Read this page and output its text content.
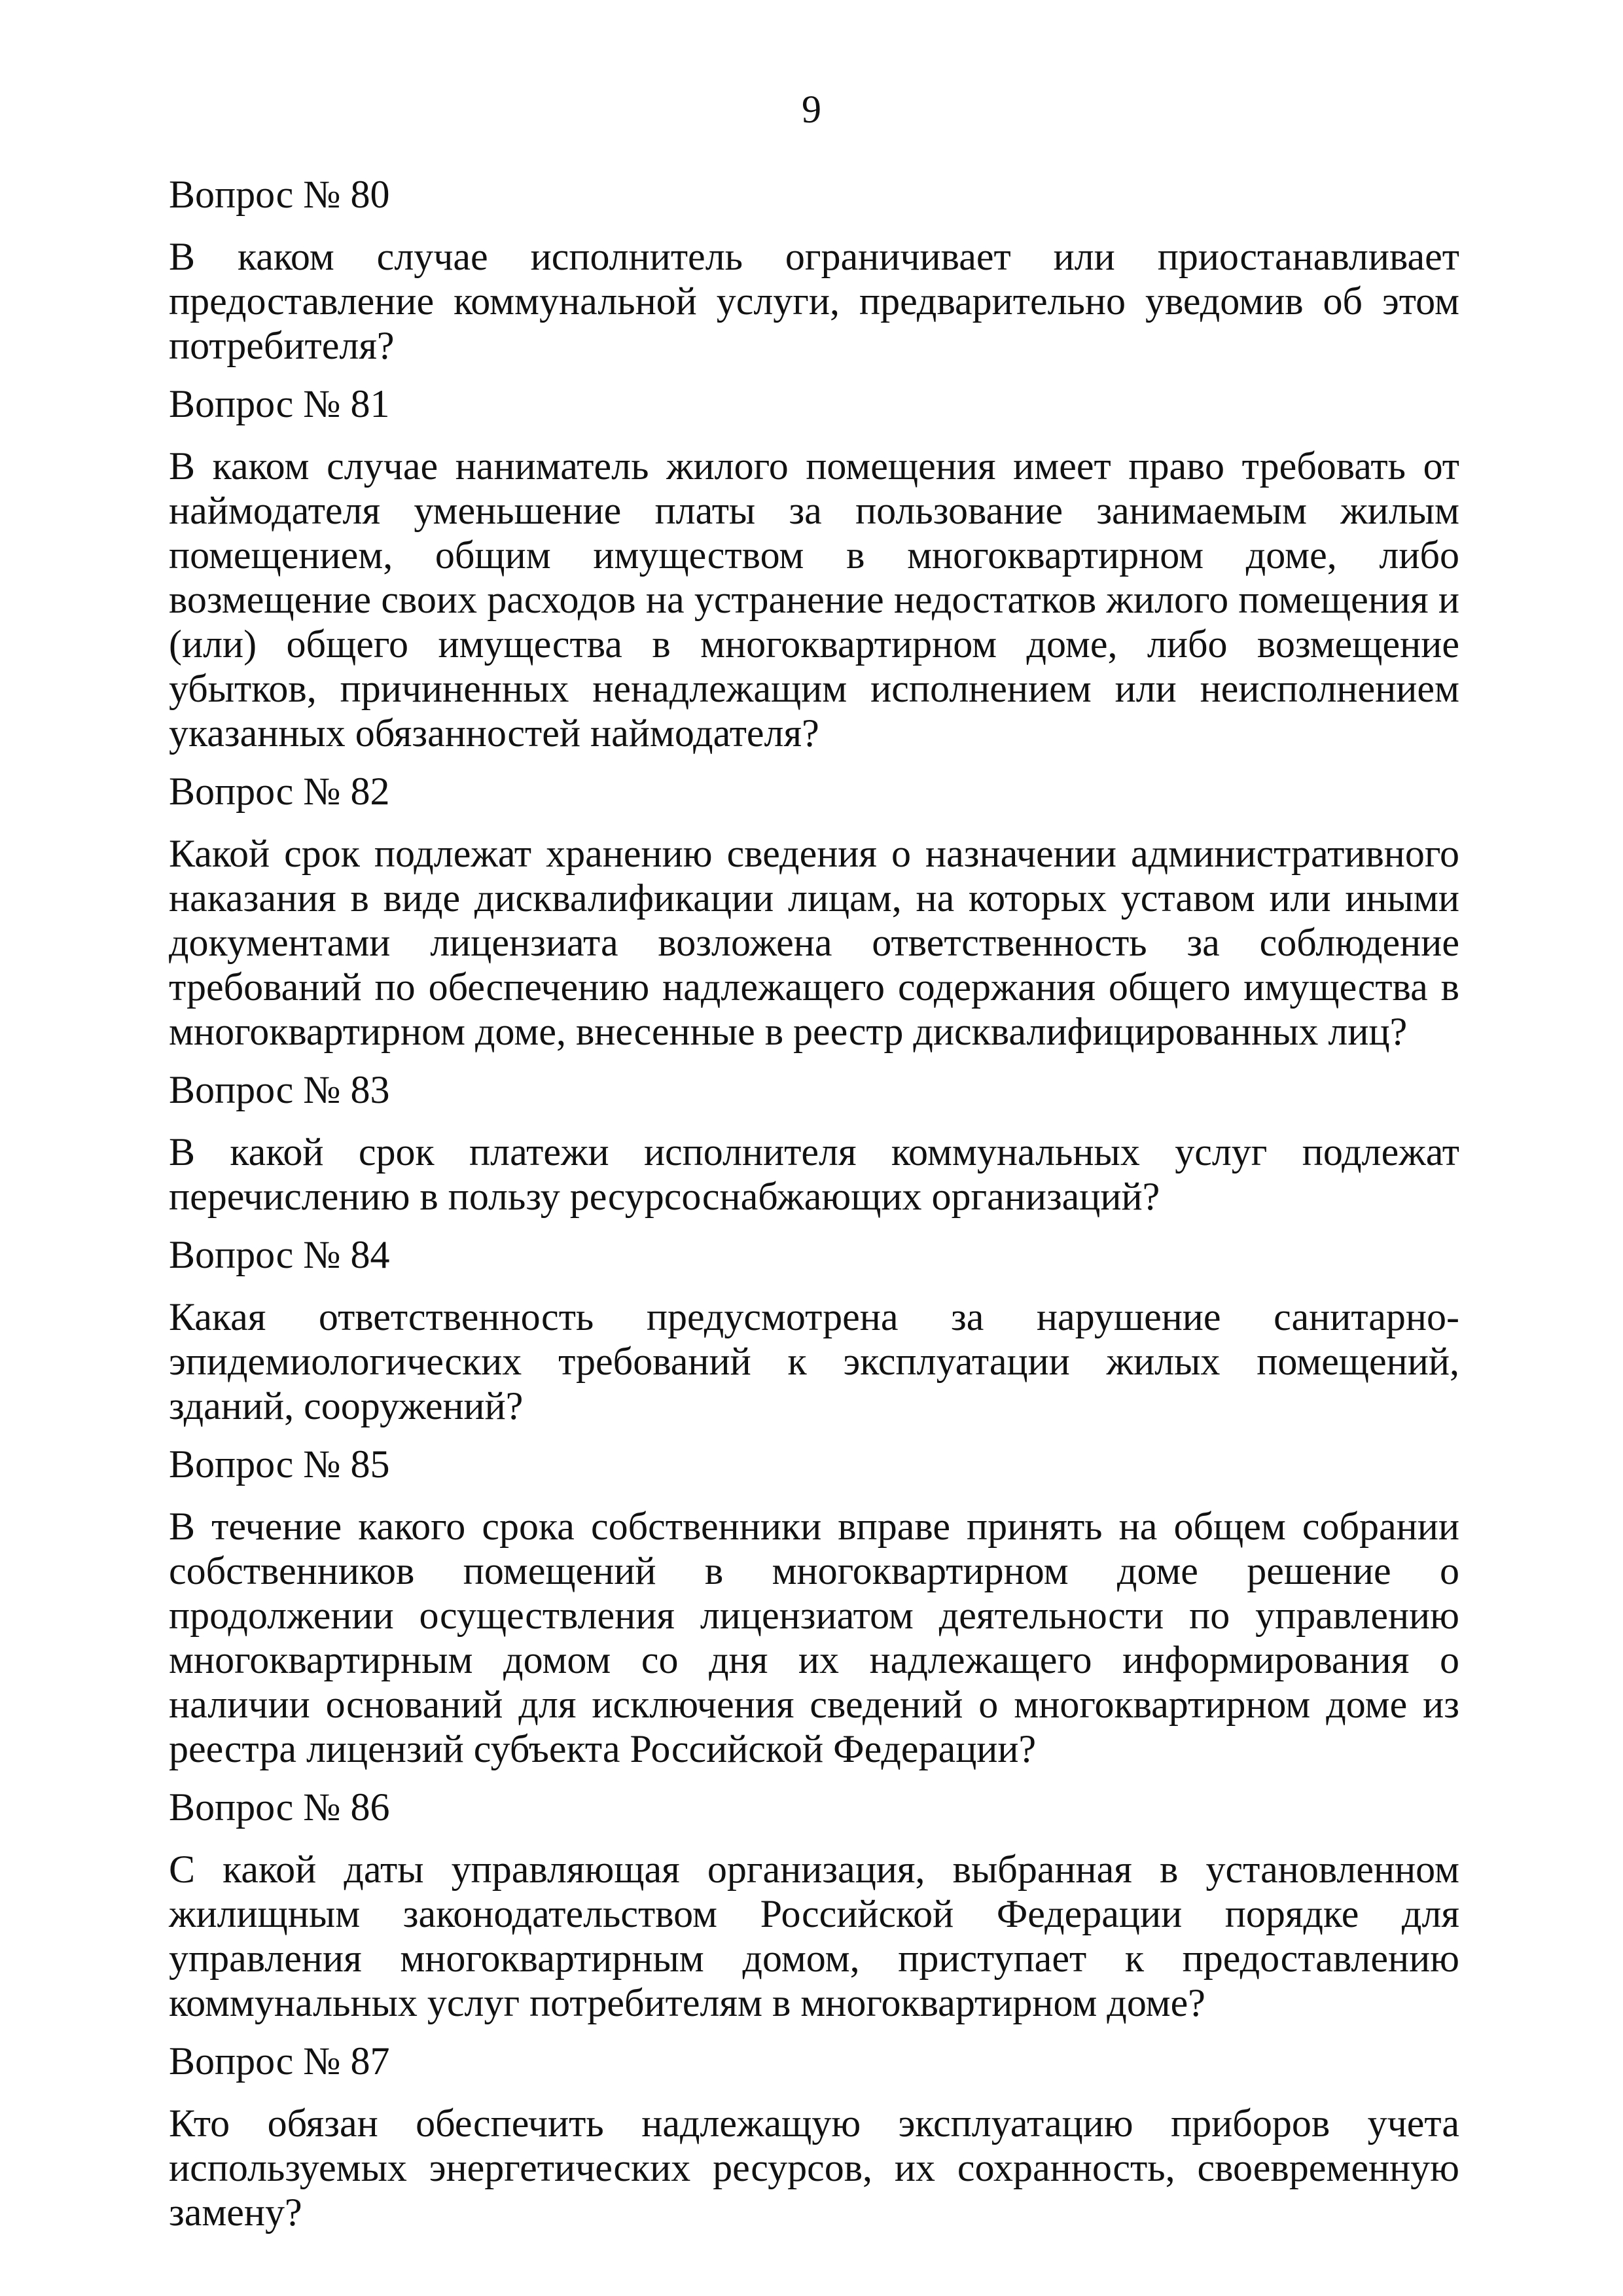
9
Вопрос № 80
В каком случае исполнитель ограничивает или приостанавливает предоставление коммунальной услуги, предварительно уведомив об этом потребителя?
Вопрос № 81
В каком случае наниматель жилого помещения имеет право требовать от наймодателя уменьшение платы за пользование занимаемым жилым помещением, общим имуществом в многоквартирном доме, либо возмещение своих расходов на устранение недостатков жилого помещения и (или) общего имущества в многоквартирном доме, либо возмещение убытков, причиненных ненадлежащим исполнением или неисполнением указанных обязанностей наймодателя?
Вопрос № 82
Какой срок подлежат хранению сведения о назначении административного наказания в виде дисквалификации лицам, на которых уставом или иными документами лицензиата возложена ответственность за соблюдение требований по обеспечению надлежащего содержания общего имущества в многоквартирном доме, внесенные в реестр дисквалифицированных лиц?
Вопрос № 83
В какой срок платежи исполнителя коммунальных услуг подлежат перечислению в пользу ресурсоснабжающих организаций?
Вопрос № 84
Какая ответственность предусмотрена за нарушение санитарно-эпидемиологических требований к эксплуатации жилых помещений, зданий, сооружений?
Вопрос № 85
В течение какого срока собственники вправе принять на общем собрании собственников помещений в многоквартирном доме решение о продолжении осуществления лицензиатом деятельности по управлению многоквартирным домом со дня их надлежащего информирования о наличии оснований для исключения сведений о многоквартирном доме из реестра лицензий субъекта Российской Федерации?
Вопрос № 86
С какой даты управляющая организация, выбранная в установленном жилищным законодательством Российской Федерации порядке для управления многоквартирным домом, приступает к предоставлению коммунальных услуг потребителям в многоквартирном доме?
Вопрос № 87
Кто обязан обеспечить надлежащую эксплуатацию приборов учета используемых энергетических ресурсов, их сохранность, своевременную замену?
